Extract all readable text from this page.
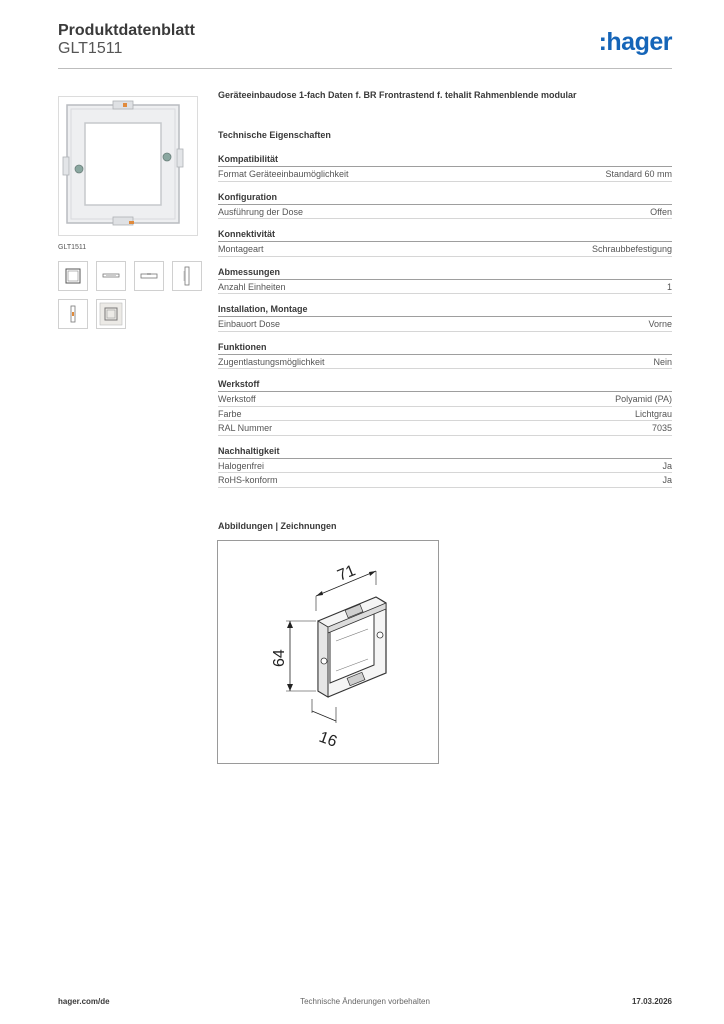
Produktdatenblatt
GLT1511	:hager
GLT1511
Geräteeinbaudose 1-fach Daten f. BR Frontrastend f. tehalit Rahmenblende modular
Technische Eigenschaften
Kompatibilität
Format Geräteeinbaumöglichkeit	Standard 60 mm
Konfiguration
Ausführung der Dose	Offen
Konnektivität
Montageart	Schraubbefestigung
Abmessungen
Anzahl Einheiten	1
Installation, Montage
Einbauort Dose	Vorne
Funktionen
Zugentlastungsmöglichkeit	Nein
Werkstoff
Werkstoff	Polyamid (PA)
Farbe	Lichtgrau
RAL Nummer	7035
Nachhaltigkeit
Halogenfrei	Ja
RoHS-konform	Ja
Abbildungen | Zeichnungen
71
64
16
hager.com/de	Technische Änderungen vorbehalten	17.03.2026
